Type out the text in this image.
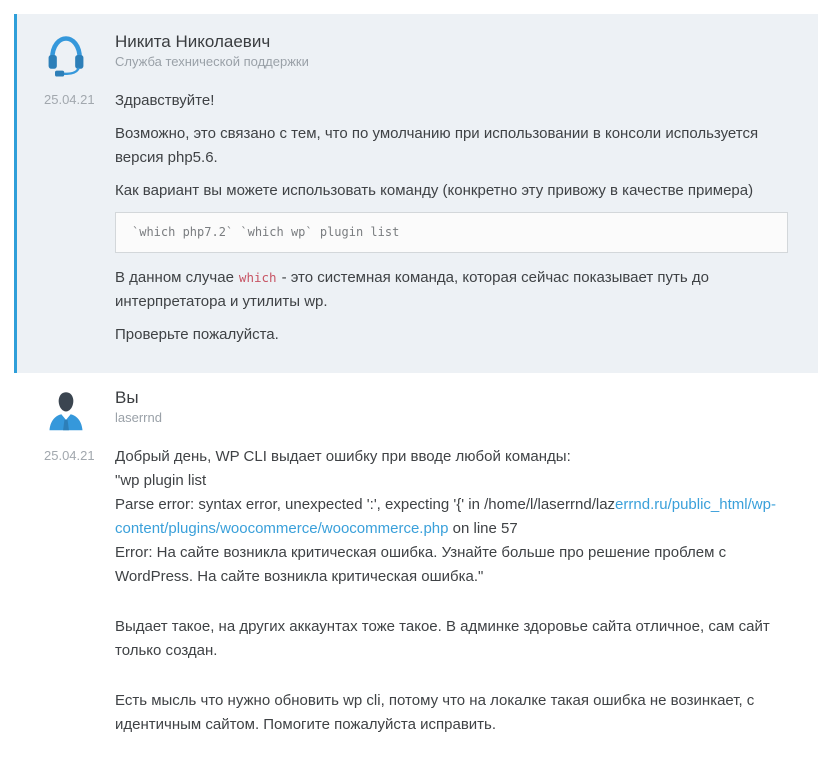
Никита Николаевич
Служба технической поддержки
25.04.21	Здравствуйте!

Возможно, это связано с тем, что по умолчанию при использовании в консоли используется версия php5.6.

Как вариант вы можете использовать команду (конкретно эту привожу в качестве примера)

`which php7.2` `which wp` plugin list

В данном случае which - это системная команда, которая сейчас показывает путь до интерпретатора и утилиты wp.

Проверьте пожалуйста.

Вы
laserrnd
25.04.21	Добрый день, WP CLI выдает ошибку при вводе любой команды:
"wp plugin list
Parse error: syntax error, unexpected ':', expecting '{' in /home/l/laserrnd/lazerrnd.ru/public_html/wp-content/plugins/woocommerce/woocommerce.php on line 57
Error: На сайте возникла критическая ошибка. Узнайте больше про решение проблем с WordPress. На сайте возникла критическая ошибка."

Выдает такое, на других аккаунтах тоже такое. В админке здоровье сайта отличное, сам сайт только создан.

Есть мысль что нужно обновить wp cli, потому что на локалке такая ошибка не возинкает, с идентичным сайтом. Помогите пожалуйста исправить.
